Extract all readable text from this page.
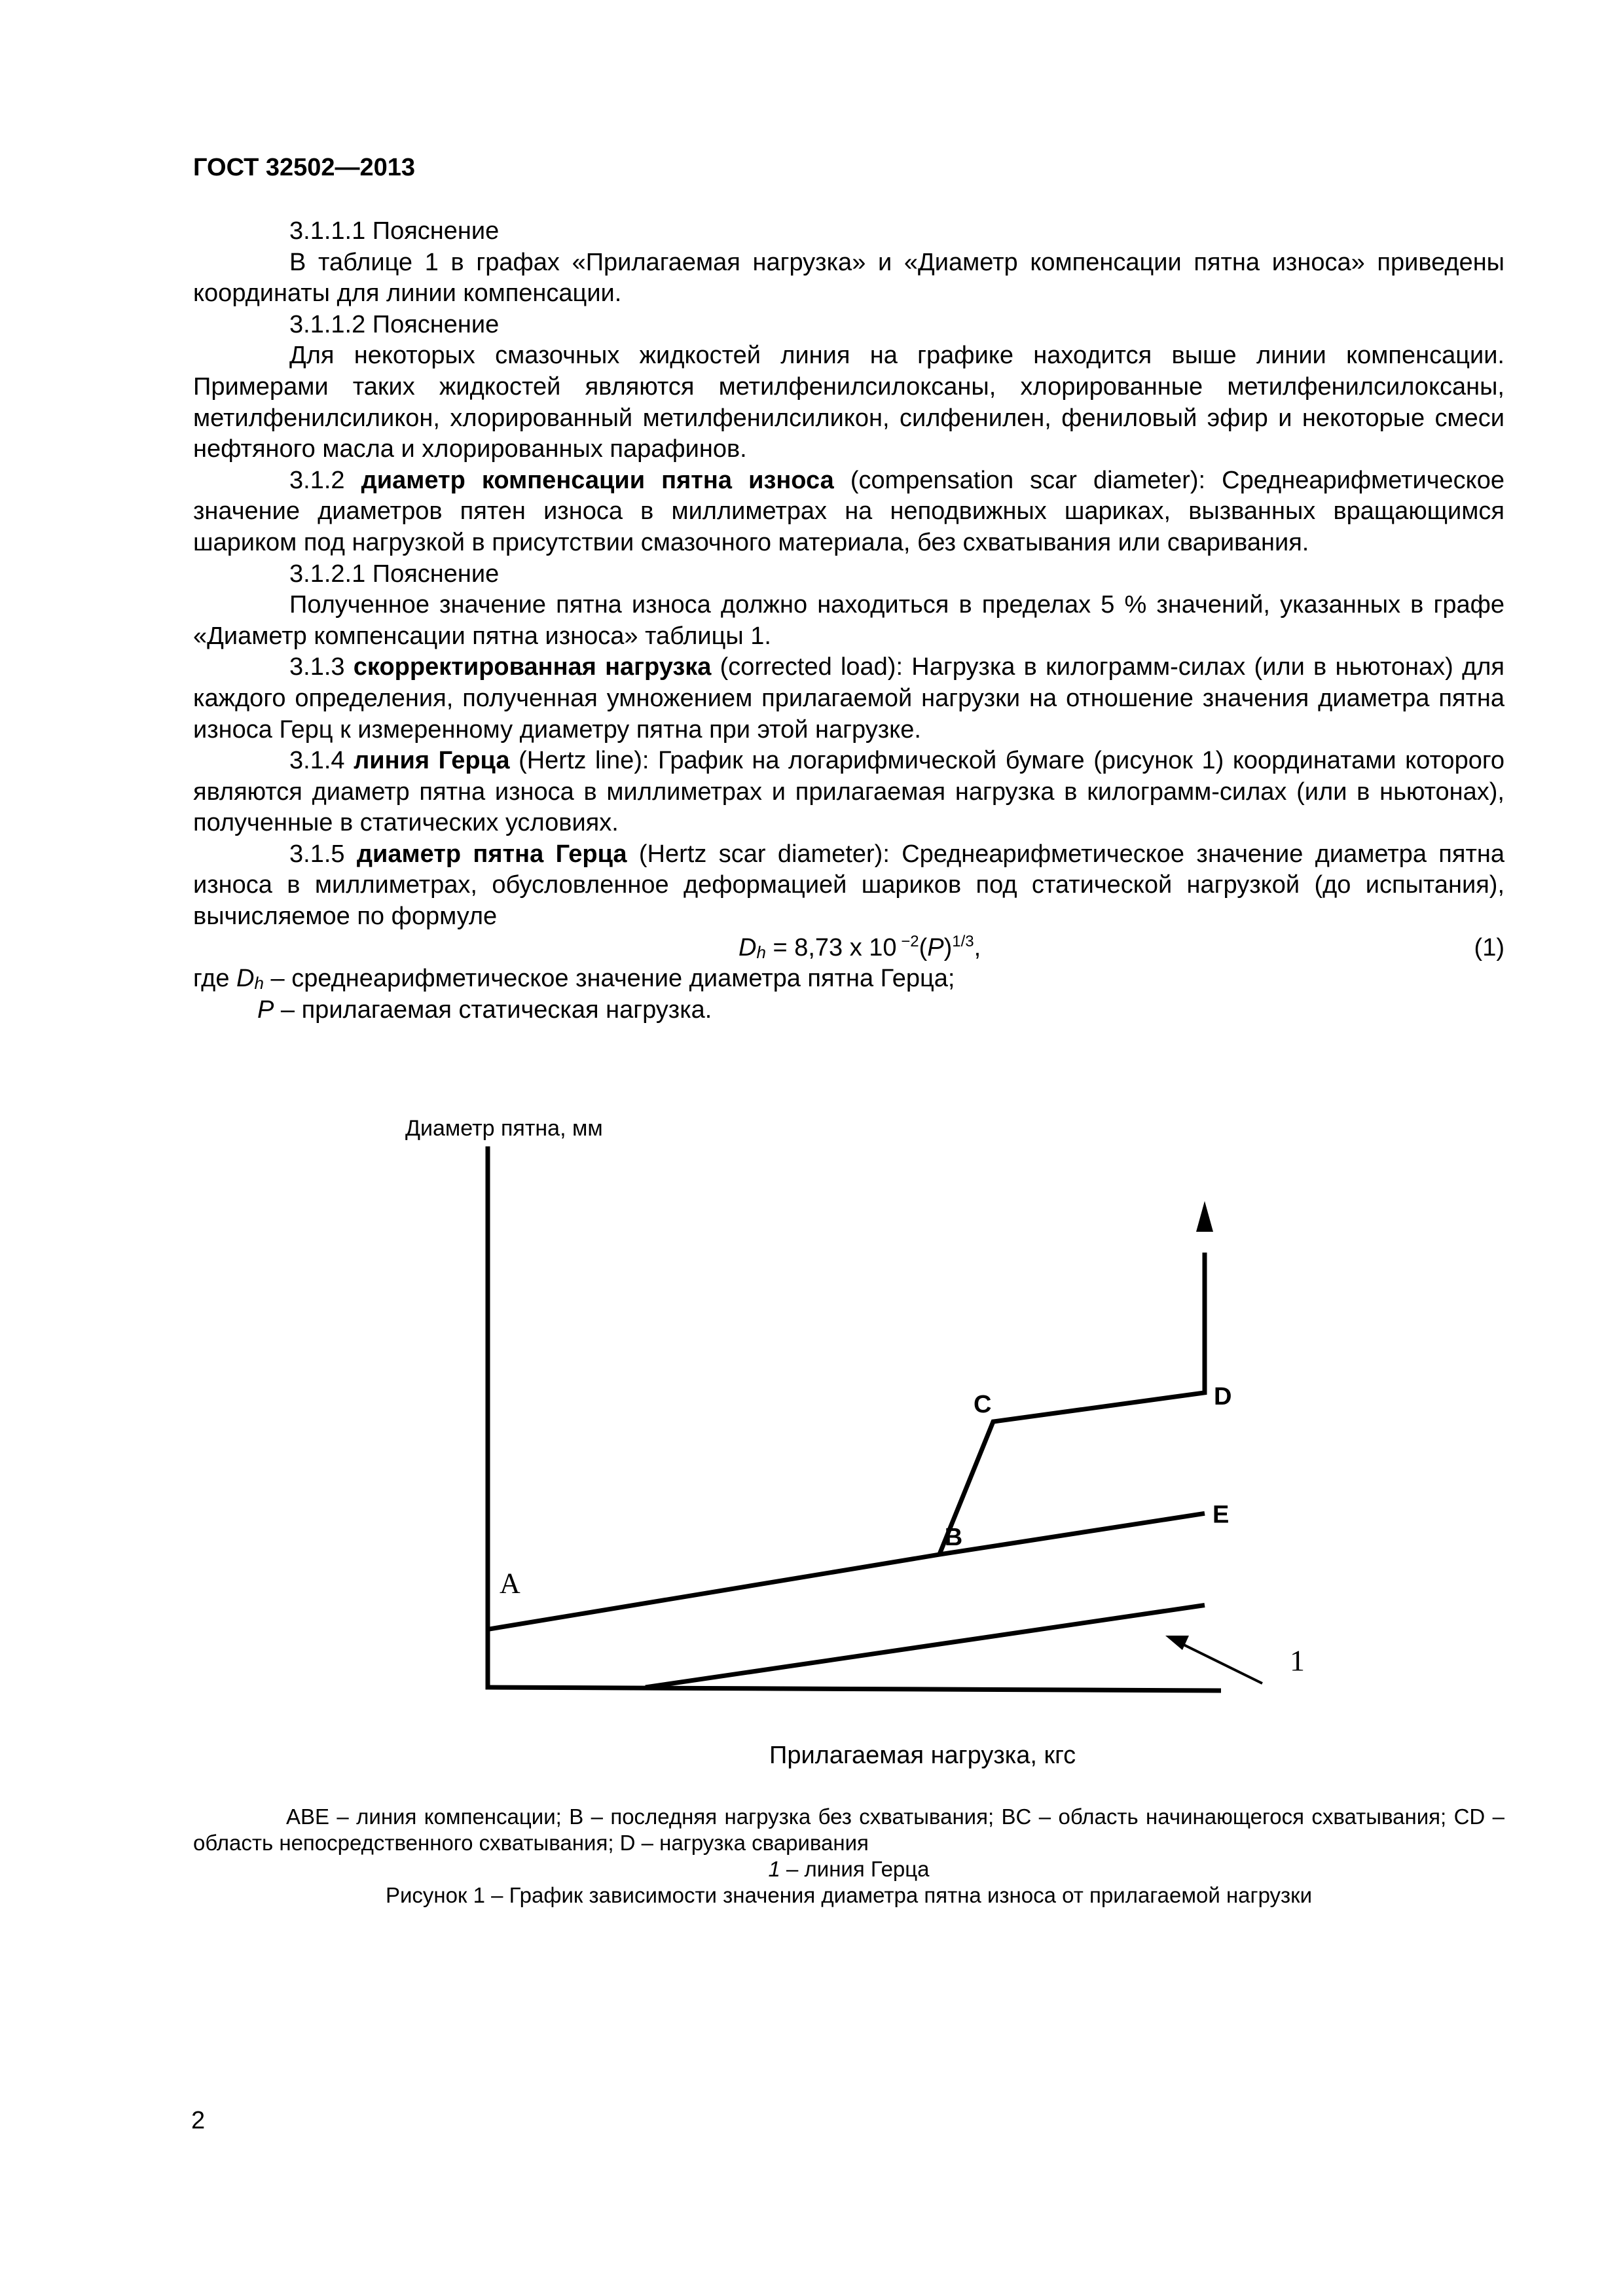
ГОСТ 32502—2013

3.1.1.1 Пояснение

В таблице 1 в графах «Прилагаемая нагрузка» и «Диаметр компенсации пятна износа» приведены координаты для линии компенсации.

3.1.1.2 Пояснение

Для некоторых смазочных жидкостей линия на графике находится выше линии компенсации. Примерами таких жидкостей являются метилфенилсилоксаны, хлорированные метилфенилсилоксаны, метилфенилсиликон, хлорированный метилфенилсиликон, силфенилен, фениловый эфир и некоторые смеси нефтяного масла и хлорированных парафинов.

3.1.2 диаметр компенсации пятна износа (compensation scar diameter): Среднеарифметическое значение диаметров пятен износа в миллиметрах на неподвижных шариках, вызванных вращающимся шариком под нагрузкой в присутствии смазочного материала, без схватывания или сваривания.

3.1.2.1 Пояснение

Полученное значение пятна износа должно находиться в пределах 5 % значений, указанных в графе «Диаметр компенсации пятна износа» таблицы 1.

3.1.3 скорректированная нагрузка (corrected load): Нагрузка в килограмм-силах (или в ньютонах) для каждого определения, полученная умножением прилагаемой нагрузки на отношение значения диаметра пятна износа Герц к измеренному диаметру пятна при этой нагрузке.

3.1.4 линия Герца (Hertz line): График на логарифмической бумаге (рисунок 1) координатами которого являются диаметр пятна износа в миллиметрах и прилагаемая нагрузка в килограмм-силах (или в ньютонах), полученные в статических условиях.

3.1.5 диаметр пятна Герца (Hertz scar diameter): Среднеарифметическое значение диаметра пятна износа в миллиметрах, обусловленное деформацией шариков под статической нагрузкой (до испытания), вычисляемое по формуле

$D_h = 8,73$ x 10 $^{-2}(P)^{1/3}$,	(1)

где $D_h$ – среднеарифметическое значение диаметра пятна Герца;

P – прилагаемая статическая нагрузка.

Диаметр пятна, мм
A
B
C	D
E
1
Прилагаемая нагрузка, кгс

ABE – линия компенсации; B – последняя нагрузка без схватывания; BC – область начинающегося схватывания; CD – область непосредственного схватывания; D – нагрузка сваривания

1 – линия Герца

Рисунок 1 – График зависимости значения диаметра пятна износа от прилагаемой нагрузки

2
